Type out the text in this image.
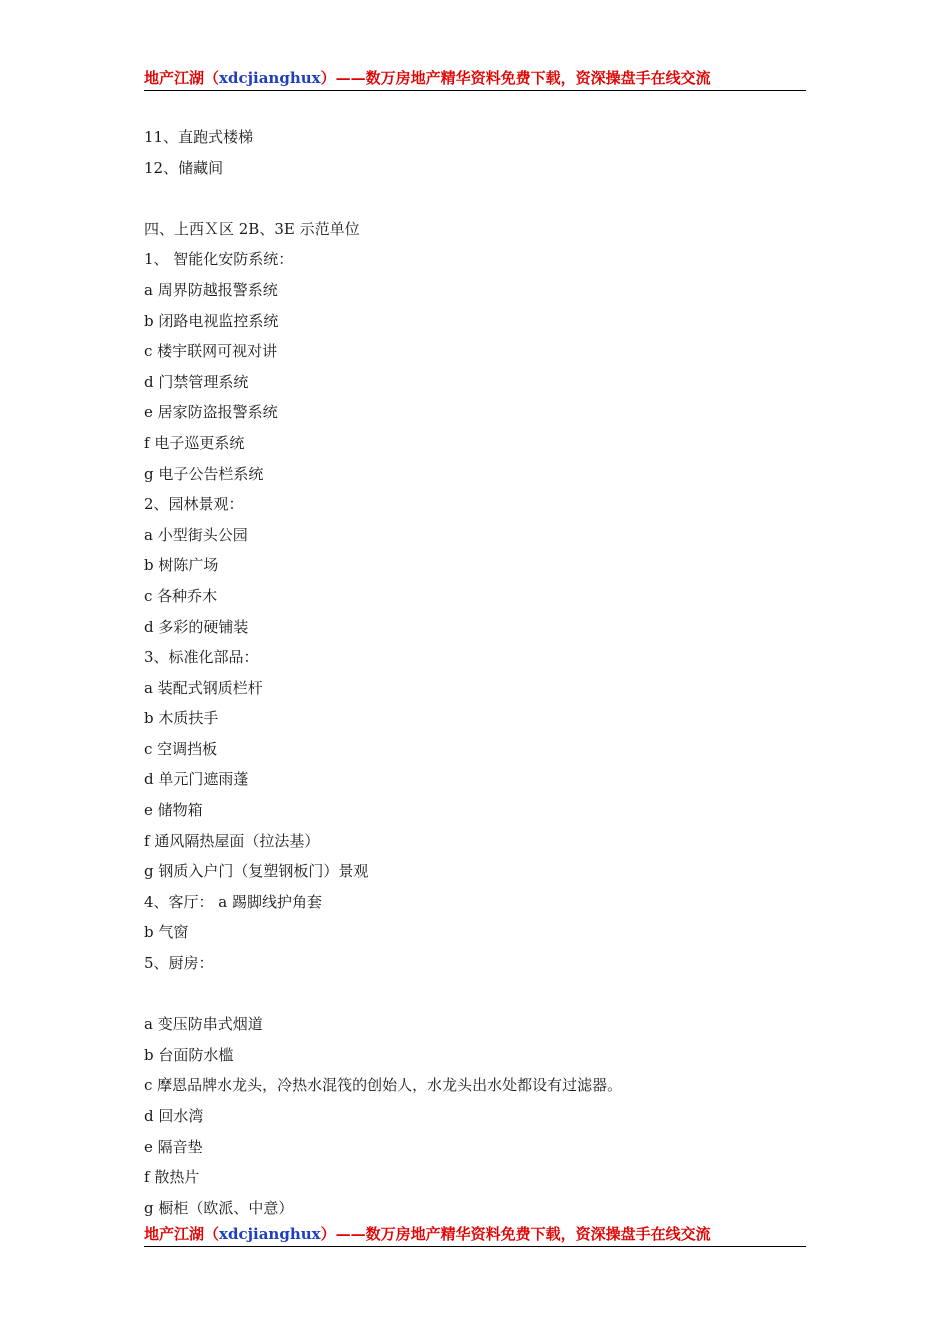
地产江湖（xdcjianghux）——数万房地产精华资料免费下载，资深操盘手在线交流
11、直跑式楼梯
12、储藏间
四、上西Ｘ区 2B、3E 示范单位
1、 智能化安防系统：
a 周界防越报警系统
b 闭路电视监控系统
c 楼宇联网可视对讲
d 门禁管理系统
e 居家防盗报警系统
f 电子巡更系统
g 电子公告栏系统
2、园林景观：
a 小型街头公园
b 树陈广场
c 各种乔木
d 多彩的硬铺装
3、标准化部品：
a 装配式钢质栏杆
b 木质扶手
c 空调挡板
d 单元门遮雨蓬
e 储物箱
f 通风隔热屋面（拉法基）
g 钢质入户门（复塑钢板门）景观
4、客厅： a 踢脚线护角套
b 气窗
5、厨房：
a 变压防串式烟道
b 台面防水槛
c 摩恩品牌水龙头，冷热水混筏的创始人，水龙头出水处都设有过滤器。
d 回水湾
e 隔音垫
f 散热片
g 橱柜（欧派、中意）
地产江湖（xdcjianghux）——数万房地产精华资料免费下载，资深操盘手在线交流
